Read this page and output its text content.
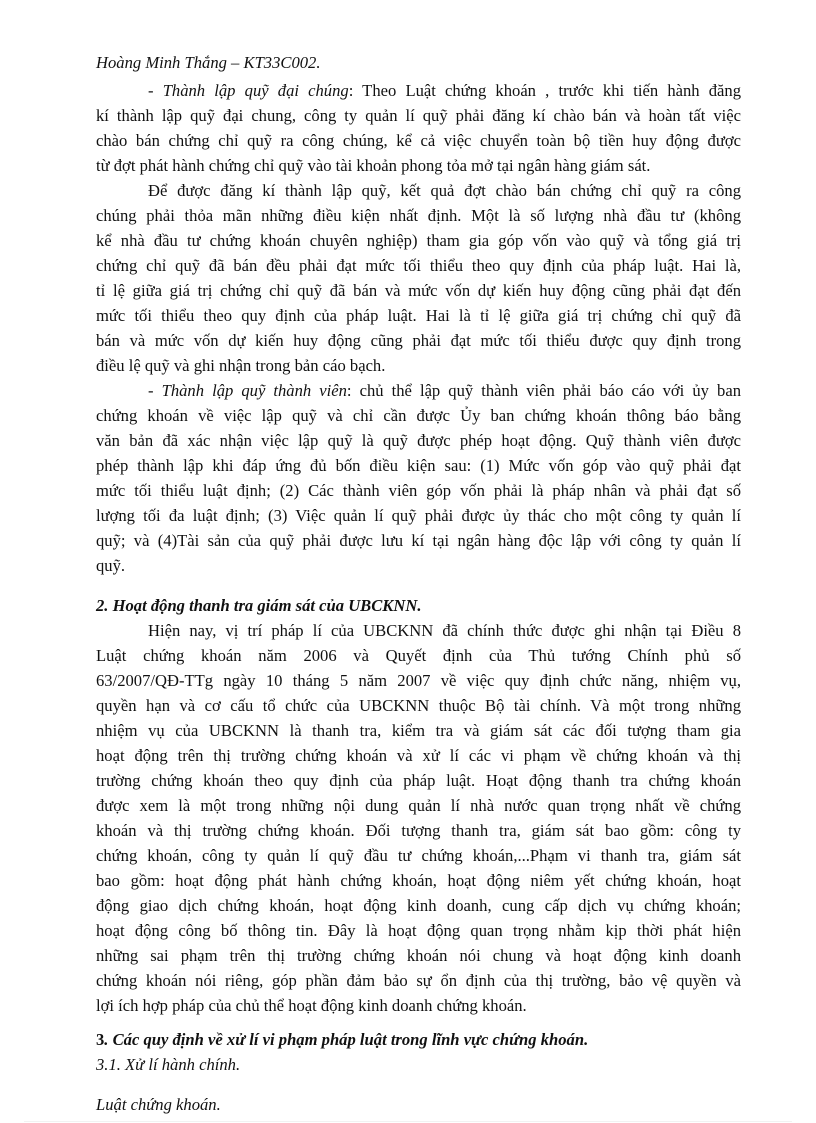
Hoàng Minh Thắng – KT33C002.
- Thành lập quỹ đại chúng: Theo Luật chứng khoán , trước khi tiến hành đăng
kí thành lập quỹ đại chung, công ty quản lí quỹ phải đăng kí chào bán và hoàn tất việc
chào bán chứng chỉ quỹ ra công chúng, kể cả việc chuyển toàn bộ tiền huy động được
từ đợt phát hành chứng chỉ quỹ vào tài khoản phong tỏa mở tại ngân hàng giám sát.
Để được đăng kí thành lập quỹ, kết quả đợt chào bán chứng chỉ quỹ ra công
chúng phải thỏa mãn những điều kiện nhất định. Một là số lượng nhà đầu tư (không
kể nhà đầu tư chứng khoán chuyên nghiệp) tham gia góp vốn vào quỹ và tổng giá trị
chứng chỉ quỹ đã bán đều phải đạt mức tối thiểu theo quy định của pháp luật. Hai là,
tỉ lệ giữa giá trị chứng chỉ quỹ đã bán và mức vốn dự kiến huy động cũng phải đạt đến
mức tối thiểu theo quy định của pháp luật. Hai là tỉ lệ giữa giá trị chứng chỉ quỹ đã
bán và mức vốn dự kiến huy động cũng phải đạt mức tối thiểu được quy định trong
điều lệ quỹ và ghi nhận trong bản cáo bạch.
- Thành lập quỹ thành viên: chủ thể lập quỹ thành viên phải báo cáo với ủy ban
chứng khoán về việc lập quỹ và chỉ cần được Ủy ban chứng khoán thông báo bằng
văn bản đã xác nhận việc lập quỹ là quỹ được phép hoạt động. Quỹ thành viên được
phép thành lập khi đáp ứng đủ bốn điều kiện sau: (1) Mức vốn góp vào quỹ phải đạt
mức tối thiểu luật định; (2) Các thành viên góp vốn phải là pháp nhân và phải đạt số
lượng tối đa luật định; (3) Việc quản lí quỹ phải được ủy thác cho một công ty quản lí
quỹ; và (4)Tài sản của quỹ phải được lưu kí tại ngân hàng độc lập với công ty quản lí
quỹ.
2. Hoạt động thanh tra giám sát của UBCKNN.
Hiện nay, vị trí pháp lí của UBCKNN đã chính thức được ghi nhận tại Điều 8
Luật chứng khoán năm 2006 và Quyết định của Thủ tướng Chính phủ số
63/2007/QĐ-TTg ngày 10 tháng 5 năm 2007 về việc quy định chức năng, nhiệm vụ,
quyền hạn và cơ cấu tổ chức của UBCKNN thuộc Bộ tài chính. Và một trong những
nhiệm vụ của UBCKNN là thanh tra, kiểm tra và giám sát các đối tượng tham gia
hoạt động trên thị trường chứng khoán và xử lí các vi phạm về chứng khoán và thị
trường chứng khoán theo quy định của pháp luật. Hoạt động thanh tra chứng khoán
được xem là một trong những nội dung quản lí nhà nước quan trọng nhất về chứng
khoán và thị trường chứng khoán. Đối tượng thanh tra, giám sát bao gồm: công ty
chứng khoán, công ty quản lí quỹ đầu tư chứng khoán,...Phạm vi thanh tra, giám sát
bao gồm: hoạt động phát hành chứng khoán, hoạt động niêm yết chứng khoán, hoạt
động giao dịch chứng khoán, hoạt động kinh doanh, cung cấp dịch vụ chứng khoán;
hoạt động công bố thông tin. Đây là hoạt động quan trọng nhằm kịp thời phát hiện
những sai phạm trên thị trường chứng khoán nói chung và hoạt động kinh doanh
chứng khoán nói riêng, góp phần đảm bảo sự ổn định của thị trường, bảo vệ quyền và
lợi ích hợp pháp của chủ thể hoạt động kinh doanh chứng khoán.
3. Các quy định về xử lí vi phạm pháp luật trong lĩnh vực chứng khoán.
3.1. Xử lí hành chính.
Luật chứng khoán.
